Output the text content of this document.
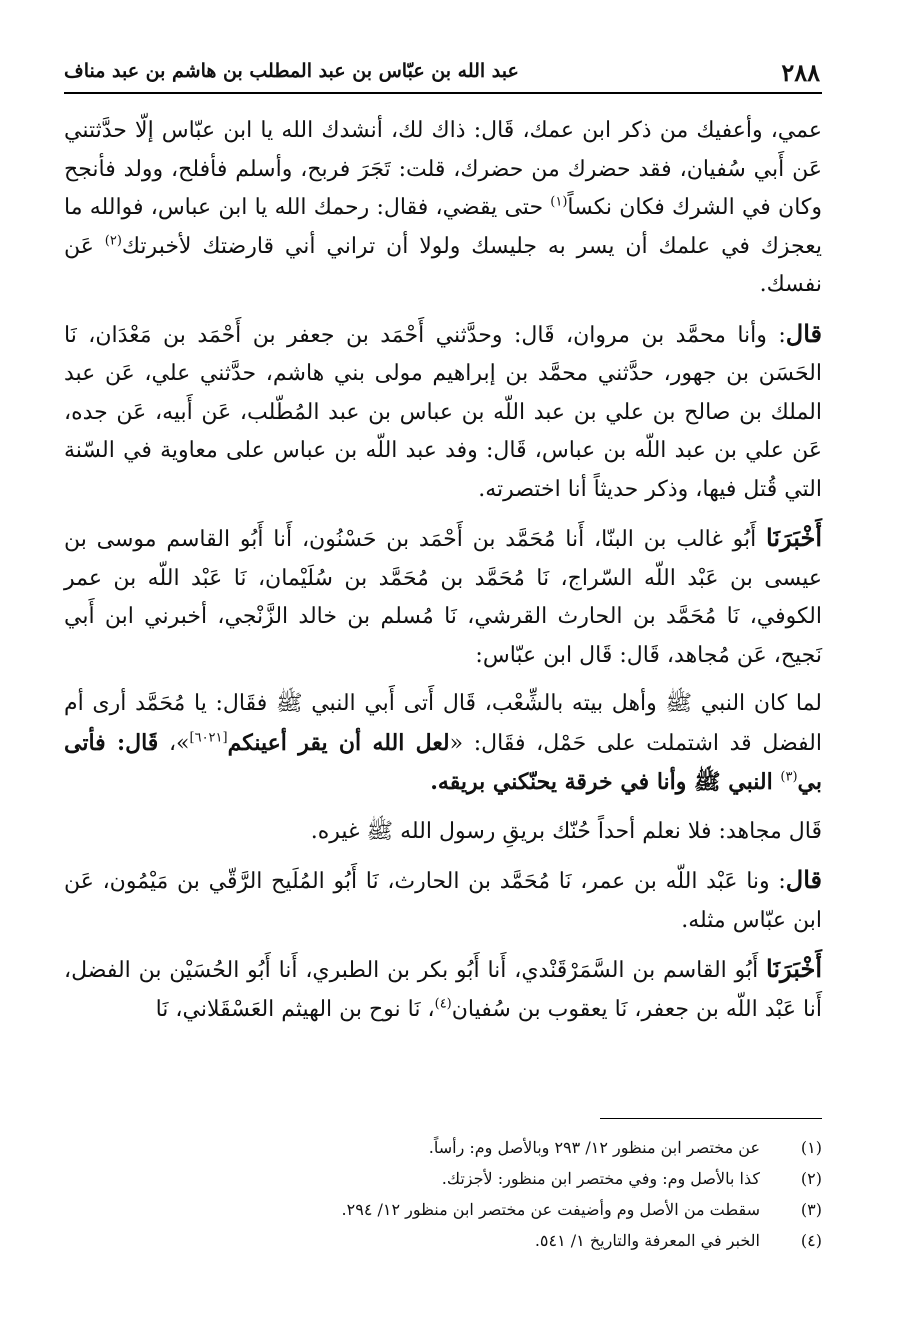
٢٨٨
عبد الله بن عبّاس بن عبد المطلب بن هاشم بن عبد مناف

عمي، وأعفيك من ذكر ابن عمك، قَال: ذاك لك، أنشدك الله يا ابن عبّاس إلّا حدَّثتني عَن أَبي سُفيان، فقد حضرك من حضرك، قلت: تَجَرَ فربح، وأسلم فأفلح، وولد فأنجح وكان في الشرك فكان نكساً$^{(١)}$ حتى يقضي، فقال: رحمك الله يا ابن عباس، فوالله ما يعجزك في علمك أن يسر به جليسك ولولا أن تراني أني قارضتك لأخبرتك$^{(٢)}$ عَن نفسك.

قال: وأنا محمَّد بن مروان، قَال: وحدَّثني أَحْمَد بن جعفر بن أَحْمَد بن مَعْدَان، نَا الحَسَن بن جهور، حدَّثني محمَّد بن إبراهيم مولى بني هاشم، حدَّثني علي، عَن عبد الملك بن صالح بن علي بن عبد اللّه بن عباس بن عبد المُطّلب، عَن أَبيه، عَن جده، عَن علي بن عبد اللّه بن عباس، قَال: وفد عبد اللّه بن عباس على معاوية في السّنة التي قُتل فيها، وذكر حديثاً أنا اختصرته.

أَخْبَرَنَا أَبُو غالب بن البنّا، أَنا مُحَمَّد بن أَحْمَد بن حَسْنُون، أَنا أَبُو القاسم موسى بن عيسى بن عَبْد اللّه السّراج، نَا مُحَمَّد بن مُحَمَّد بن سُلَيْمان، نَا عَبْد اللّه بن عمر الكوفي، نَا مُحَمَّد بن الحارث القرشي، نَا مُسلم بن خالد الزَّنْجي، أخبرني ابن أَبي نَجيح، عَن مُجاهد، قَال: قَال ابن عبّاس:

لما كان النبي ﷺ وأهل بيته بالشِّعْب، قَال أَتى أَبي النبي ﷺ فقَال: يا مُحَمَّد أرى أم الفضل قد اشتملت على حَمْل، فقَال: «لعل الله أن يقر أعينكم[٦٠٢١]»، قَال: فأتى بي$^{(٣)}$ النبي ﷺ وأنا في خرقة يحنّكني بريقه.

قَال مجاهد: فلا نعلم أحداً حُنّك بريقِ رسول الله ﷺ غيره.

قال: ونا عَبْد اللّه بن عمر، نَا مُحَمَّد بن الحارث، نَا أَبُو المُلَيح الرَّقّي بن مَيْمُون، عَن ابن عبّاس مثله.

أَخْبَرَنَا أَبُو القاسم بن السَّمَرْقَنْدي، أَنا أَبُو بكر بن الطبري، أَنا أَبُو الحُسَيْن بن الفضل، أَنا عَبْد اللّه بن جعفر، نَا يعقوب بن سُفيان$^{(٤)}$، نَا نوح بن الهيثم العَسْقَلاني، نَا

(١)
عن مختصر ابن منظور ١٢/ ٢٩٣ وبالأصل وم: رأساً.
(٢)
كذا بالأصل وم: وفي مختصر ابن منظور: لأجزتك.
(٣)
سقطت من الأصل وم وأضيفت عن مختصر ابن منظور ١٢/ ٢٩٤.
(٤)
الخبر في المعرفة والتاريخ ١/ ٥٤١.
